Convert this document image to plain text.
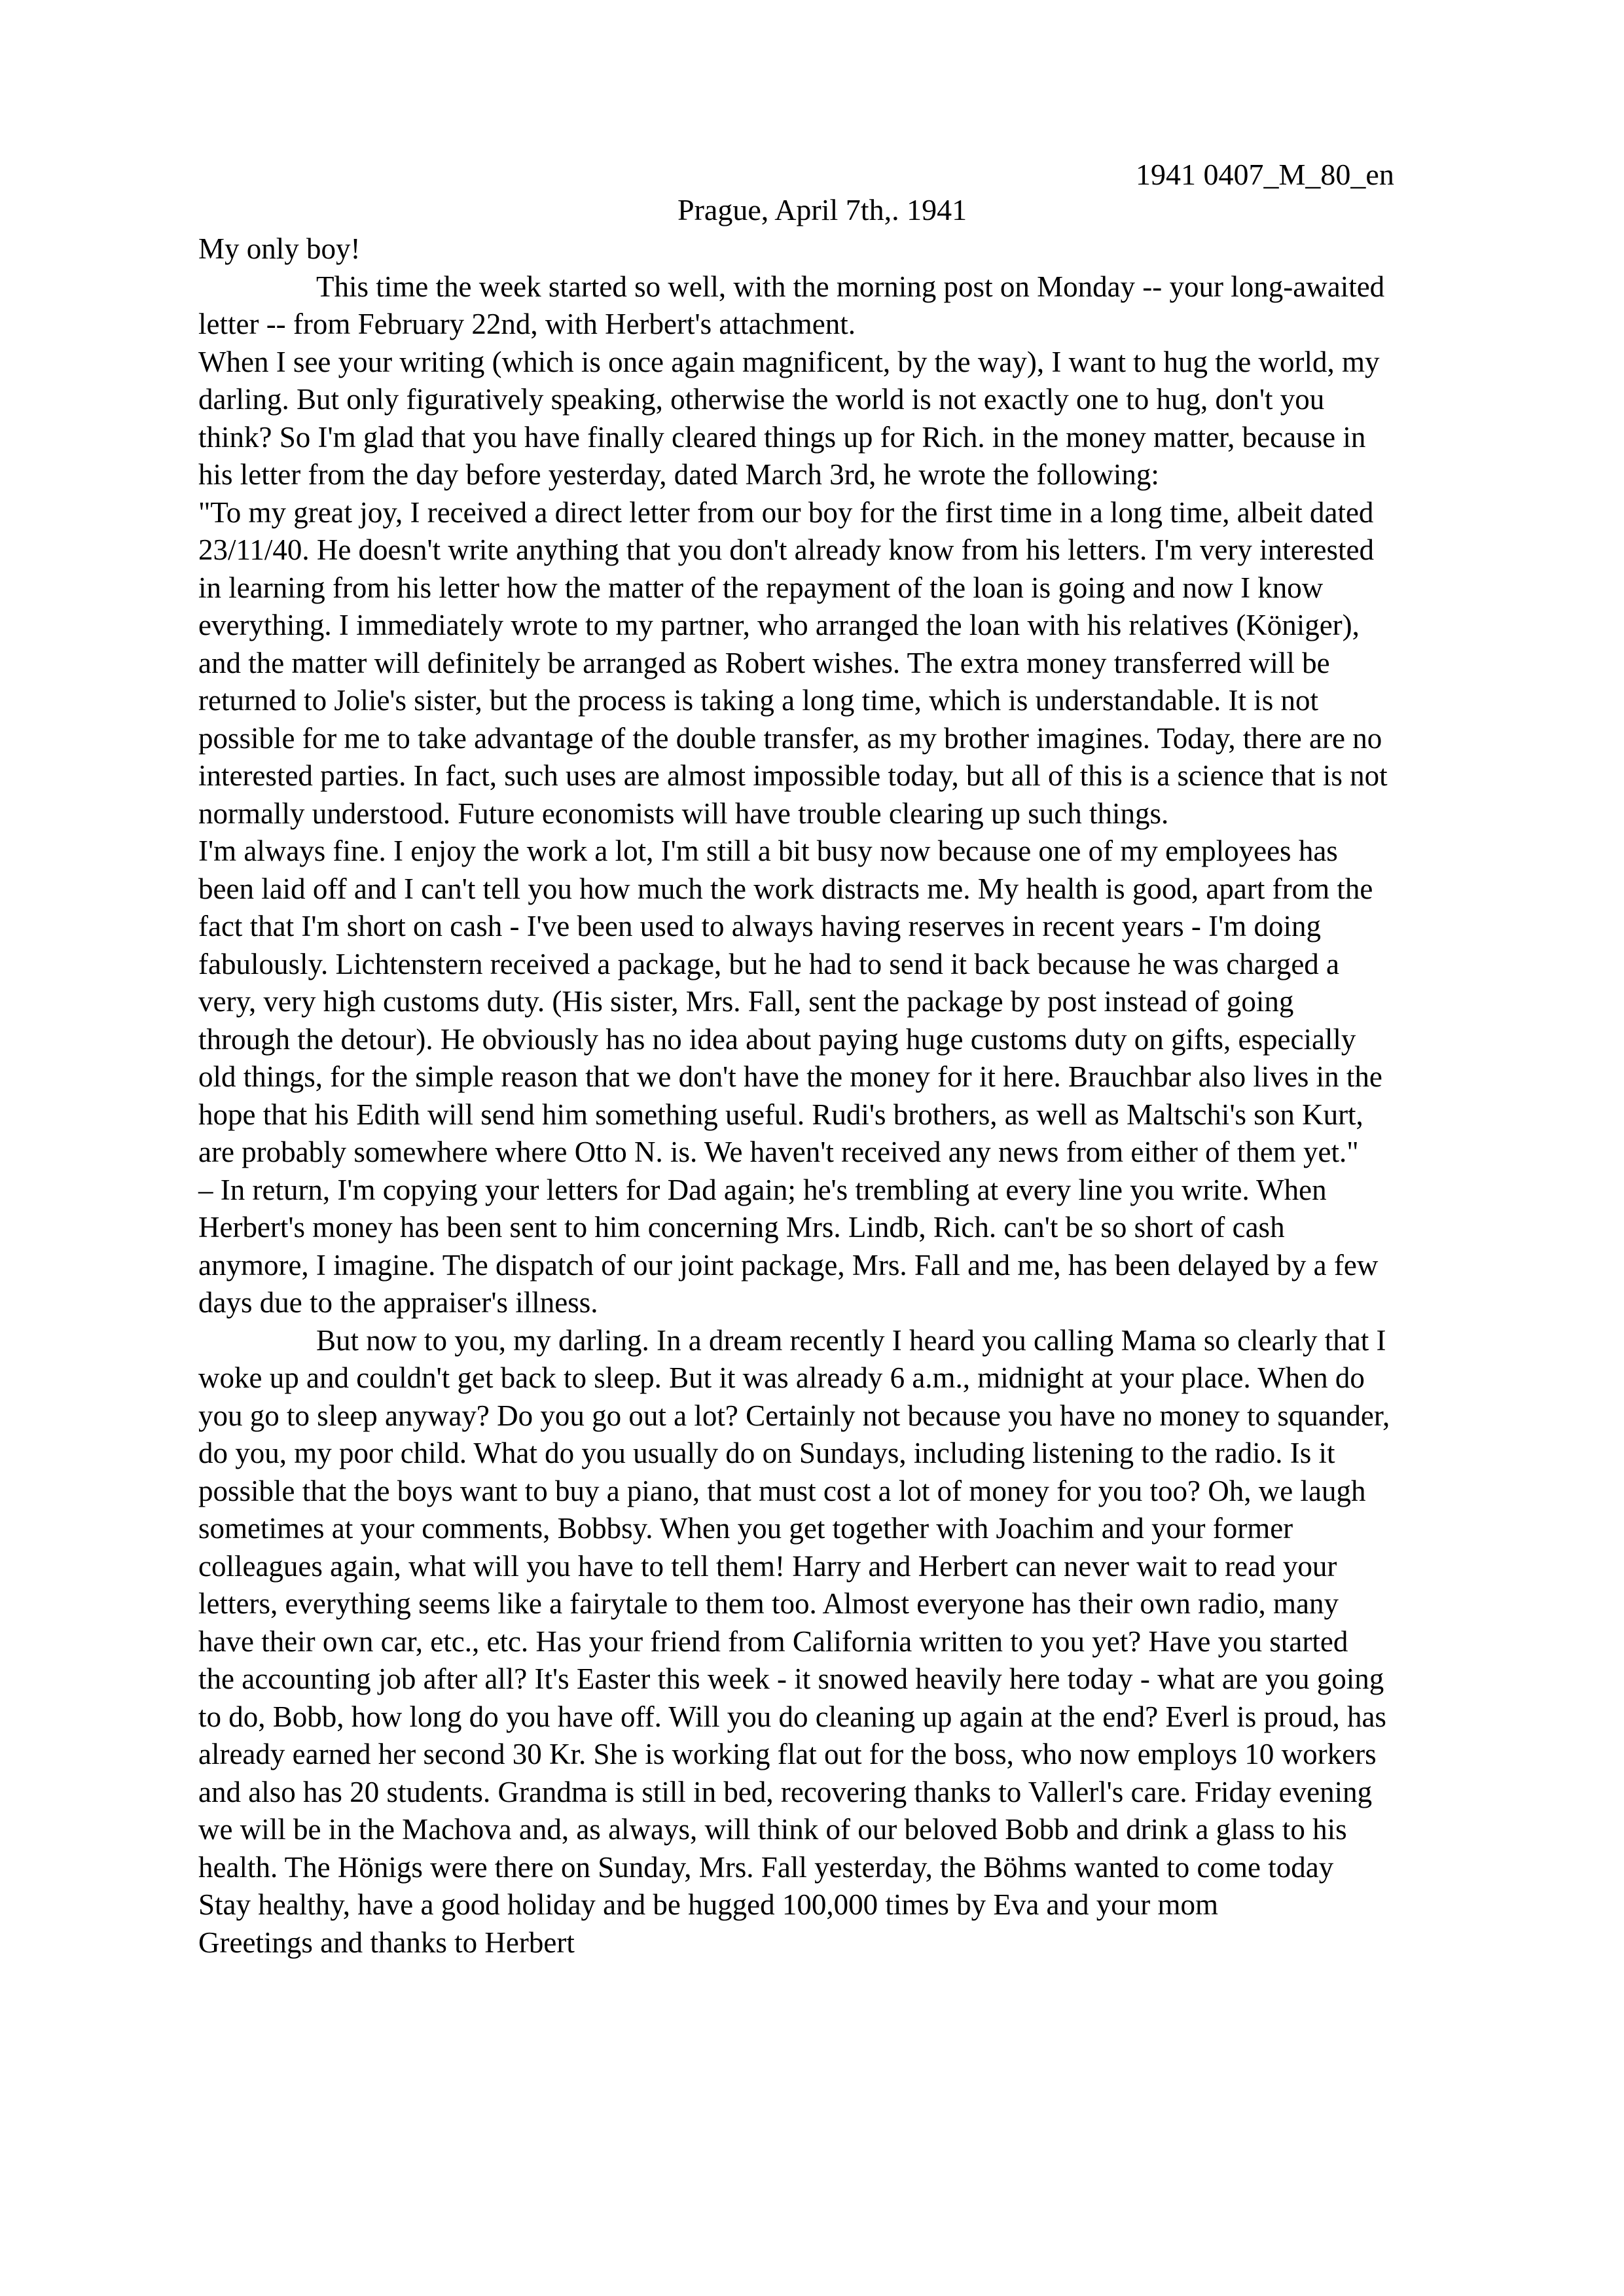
1941 0407_M_80_en
Prague, April 7th,. 1941
My only boy!
	This time the week started so well, with the morning post on Monday -- your long-awaited
letter -- from February 22nd, with Herbert's attachment.
When I see your writing (which is once again magnificent, by the way), I want to hug the world, my
darling. But only figuratively speaking, otherwise the world is not exactly one to hug, don't you
think? So I'm glad that you have finally cleared things up for Rich. in the money matter, because in
his letter from the day before yesterday, dated March 3rd, he wrote the following:
"To my great joy, I received a direct letter from our boy for the first time in a long time, albeit dated
23/11/40. He doesn't write anything that you don't already know from his letters. I'm very interested
in learning from his letter how the matter of the repayment of the loan is going and now I know
everything. I immediately wrote to my partner, who arranged the loan with his relatives (Königer),
and the matter will definitely be arranged as Robert wishes. The extra money transferred will be
returned to Jolie's sister, but the process is taking a long time, which is understandable. It is not
possible for me to take advantage of the double transfer, as my brother imagines. Today, there are no
interested parties. In fact, such uses are almost impossible today, but all of this is a science that is not
normally understood. Future economists will have trouble clearing up such things.
I'm always fine. I enjoy the work a lot, I'm still a bit busy now because one of my employees has
been laid off and I can't tell you how much the work distracts me. My health is good, apart from the
fact that I'm short on cash - I've been used to always having reserves in recent years - I'm doing
fabulously. Lichtenstern received a package, but he had to send it back because he was charged a
very, very high customs duty. (His sister, Mrs. Fall, sent the package by post instead of going
through the detour). He obviously has no idea about paying huge customs duty on gifts, especially
old things, for the simple reason that we don't have the money for it here. Brauchbar also lives in the
hope that his Edith will send him something useful. Rudi's brothers, as well as Maltschi's son Kurt,
are probably somewhere where Otto N. is. We haven't received any news from either of them yet."
– In return, I'm copying your letters for Dad again; he's trembling at every line you write. When
Herbert's money has been sent to him concerning Mrs. Lindb, Rich. can't be so short of cash
anymore, I imagine. The dispatch of our joint package, Mrs. Fall and me, has been delayed by a few
days due to the appraiser's illness.
	But now to you, my darling. In a dream recently I heard you calling Mama so clearly that I
woke up and couldn't get back to sleep. But it was already 6 a.m., midnight at your place. When do
you go to sleep anyway? Do you go out a lot? Certainly not because you have no money to squander,
do you, my poor child. What do you usually do on Sundays, including listening to the radio. Is it
possible that the boys want to buy a piano, that must cost a lot of money for you too? Oh, we laugh
sometimes at your comments, Bobbsy. When you get together with Joachim and your former
colleagues again, what will you have to tell them! Harry and Herbert can never wait to read your
letters, everything seems like a fairytale to them too. Almost everyone has their own radio, many
have their own car, etc., etc. Has your friend from California written to you yet? Have you started
the accounting job after all? It's Easter this week - it snowed heavily here today - what are you going
to do, Bobb, how long do you have off. Will you do cleaning up again at the end? Everl is proud, has
already earned her second 30 Kr. She is working flat out for the boss, who now employs 10 workers
and also has 20 students. Grandma is still in bed, recovering thanks to Vallerl's care. Friday evening
we will be in the Machova and, as always, will think of our beloved Bobb and drink a glass to his
health. The Hönigs were there on Sunday, Mrs. Fall yesterday, the Böhms wanted to come today
Stay healthy, have a good holiday and be hugged 100,000 times by Eva and your mom
Greetings and thanks to Herbert
